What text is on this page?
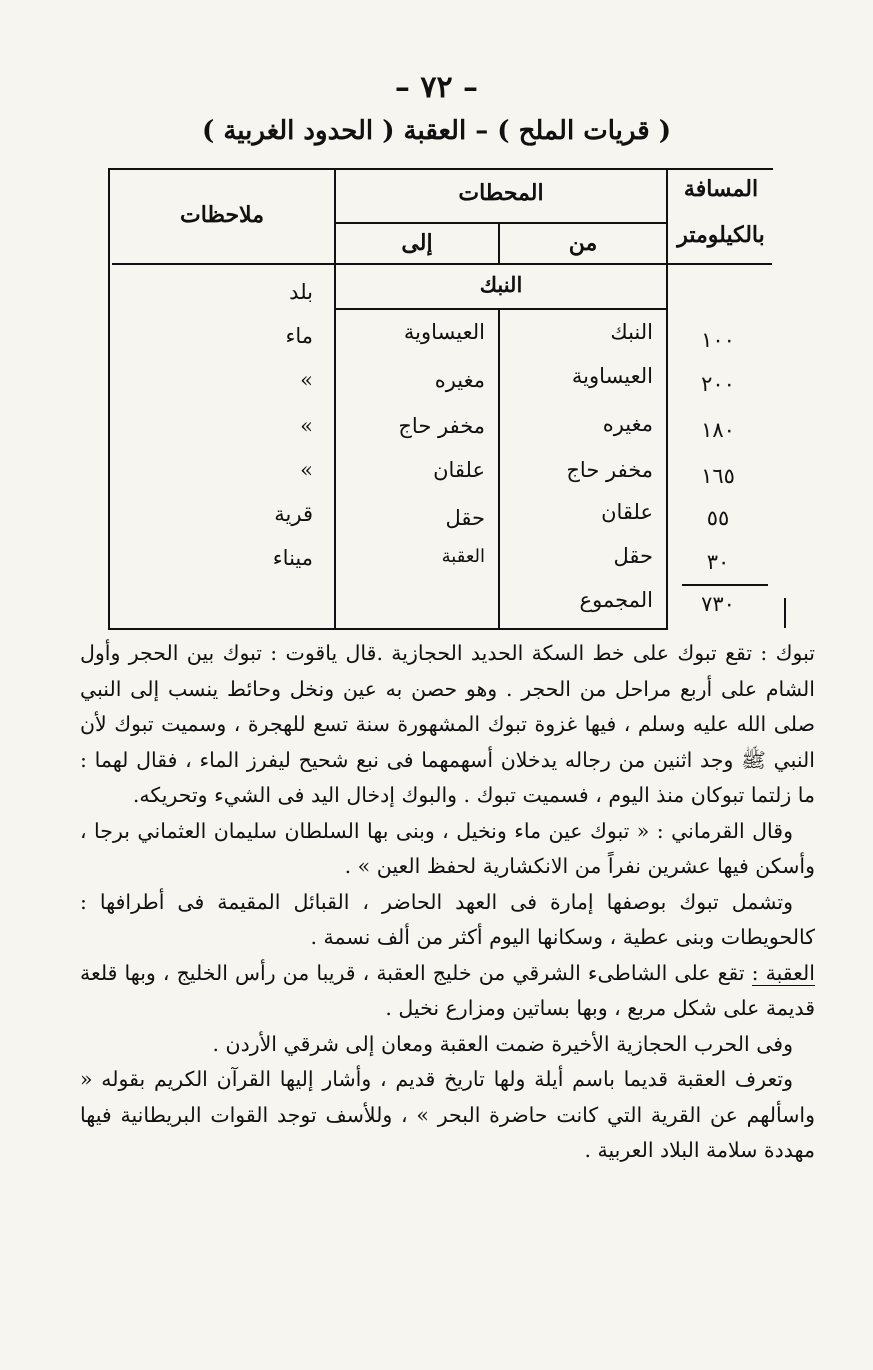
– ٧٢ –
( قريات الملح ) – العقبة ( الحدود الغربية )
المسافة
بالكيلومتر
المحطات
من
إلى
ملاحظات
النبك
بلد
١٠٠
النبك
العيساوية
ماء
٢٠٠
العيساوية
مغيره
»
١٨٠
مغيره
مخفر حاج
»
١٦٥
مخفر حاج
علقان
»
٥٥
علقان
حقل
قرية
٣٠
حقل
العقبة
ميناء
٧٣٠
المجموع

تبوك : تقع تبوك على خط السكة الحديد الحجازية .قال ياقوت : تبوك بين الحجر وأول الشام على أربع مراحل من الحجر . وهو حصن به عين ونخل وحائط ينسب إلى النبي صلى الله عليه وسلم ، فيها غزوة تبوك المشهورة سنة تسع للهجرة ، وسميت تبوك لأن النبي ﷺ وجد اثنين من رجاله يدخلان أسهمهما فى نبع شحيح ليفرز الماء ، فقال لهما : ما زلتما تبوكان منذ اليوم ، فسميت تبوك . والبوك إدخال اليد فى الشيء وتحريكه.

وقال القرماني : « تبوك عين ماء ونخيل ، وبنى بها السلطان سليمان العثماني برجا ، وأسكن فيها عشرين نفراً من الانكشارية لحفظ العين » .

وتشمل تبوك بوصفها إمارة فى العهد الحاضر ، القبائل المقيمة فى أطرافها : كالحويطات وبنى عطية ، وسكانها اليوم أكثر من ألف نسمة .

العقبة : تقع على الشاطىء الشرقي من خليج العقبة ، قريبا من رأس الخليج ، وبها قلعة قديمة على شكل مربع ، وبها بساتين ومزارع نخيل .

وفى الحرب الحجازية الأخيرة ضمت العقبة ومعان إلى شرقي الأردن .

وتعرف العقبة قديما باسم أيلة ولها تاريخ قديم ، وأشار إليها القرآن الكريم بقوله « واسألهم عن القرية التي كانت حاضرة البحر » ، وللأسف توجد القوات البريطانية فيها مهددة سلامة البلاد العربية .
